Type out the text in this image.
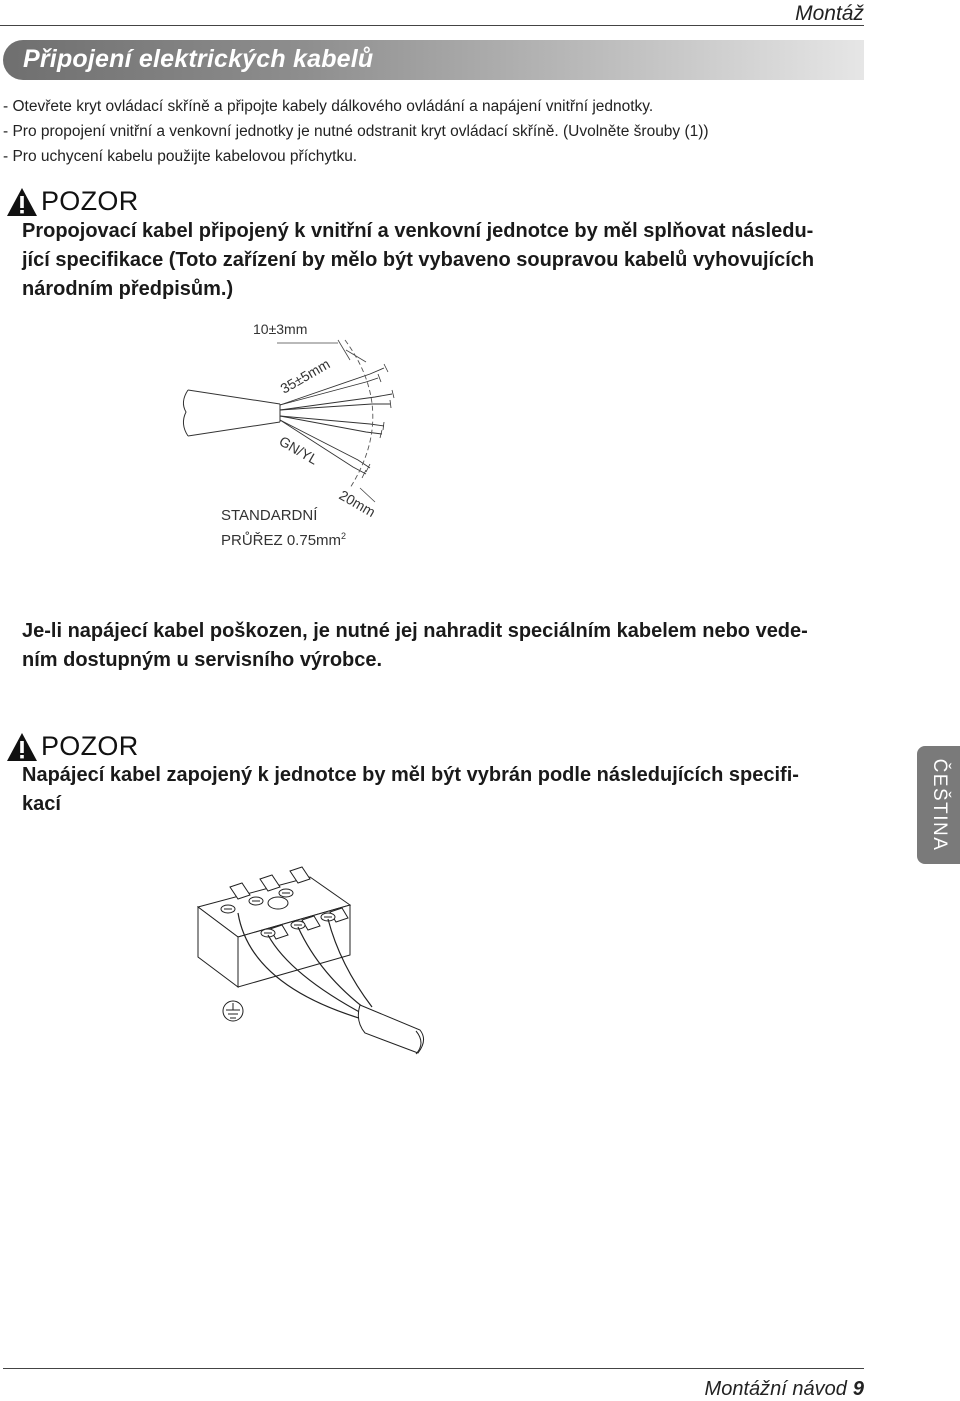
Montáž
Připojení elektrických kabelů
- Otevřete kryt ovládací skříně a připojte kabely dálkového ovládání a napájení vnitřní jednotky.
- Pro propojení vnitřní a venkovní jednotky je nutné odstranit kryt ovládací skříně. (Uvolněte šrouby (1))
- Pro uchycení kabelu použijte kabelovou příchytku.
POZOR
Propojovací kabel připojený k vnitřní a venkovní jednotce by měl splňovat následu-
jící specifikace (Toto zařízení by mělo být vybaveno soupravou kabelů vyhovujících
národním předpisům.)
10±3mm
35±5mm
GN/YL
20mm
STANDARDNÍ
PRŮŘEZ $0.75mm^2$
Je-li napájecí kabel poškozen, je nutné jej nahradit speciálním kabelem nebo vede-
ním dostupným u servisního výrobce.
POZOR
Napájecí kabel zapojený k jednotce by měl být vybrán podle následujících specifi-
kací	ČEŠTINA
Montážní návod 9
